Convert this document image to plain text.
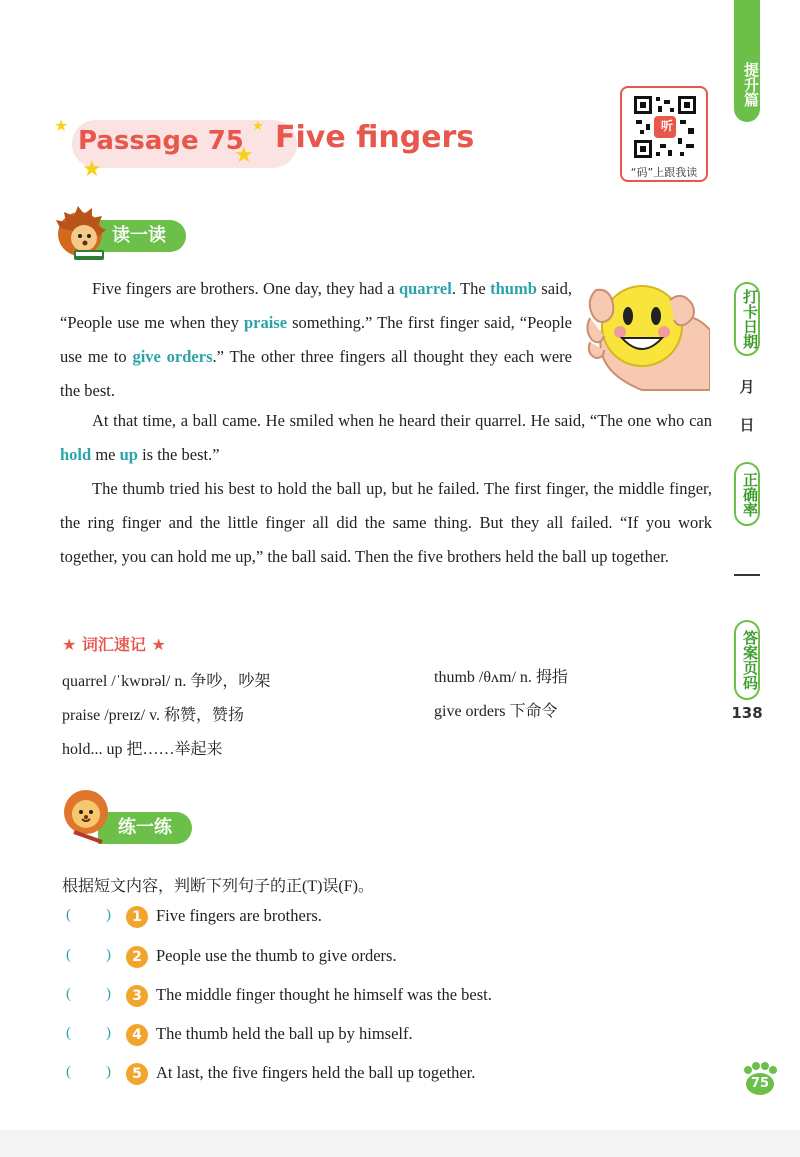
提升篇
打卡日期
月
日
正确率
答案页码
138
★
★
★
★
Passage 75 Five fingers	听
“码”上跟我读
读一读
Five fingers are brothers. One day, they had a quarrel. The thumb said, “People use me when they praise something.” The first finger said, “People use me to give orders.” The other three fingers all thought they each were the best.
At that time, a ball came. He smiled when he heard their quarrel. He said, “The one who can hold me up is the best.”
The thumb tried his best to hold the ball up, but he failed. The first finger, the middle finger, the ring finger and the little finger all did the same thing. But they all failed. “If you work together, you can hold me up,” the ball said. Then the five brothers held the ball up together.
★ 词汇速记 ★
quarrel /ˈkwɒrəl/ n. 争吵，吵架	thumb /θʌm/ n. 拇指
praise /preɪz/ v. 称赞，赞扬	give orders 下命令
hold... up 把……举起来
练一练
根据短文内容，判断下列句子的正(T)误(F)。
( )	1 Five fingers are brothers.
( )	2 People use the thumb to give orders.
( )	3 The middle finger thought he himself was the best.
( )	4 The thumb held the ball up by himself.
( )	5 At last, the five fingers held the ball up together.
75
